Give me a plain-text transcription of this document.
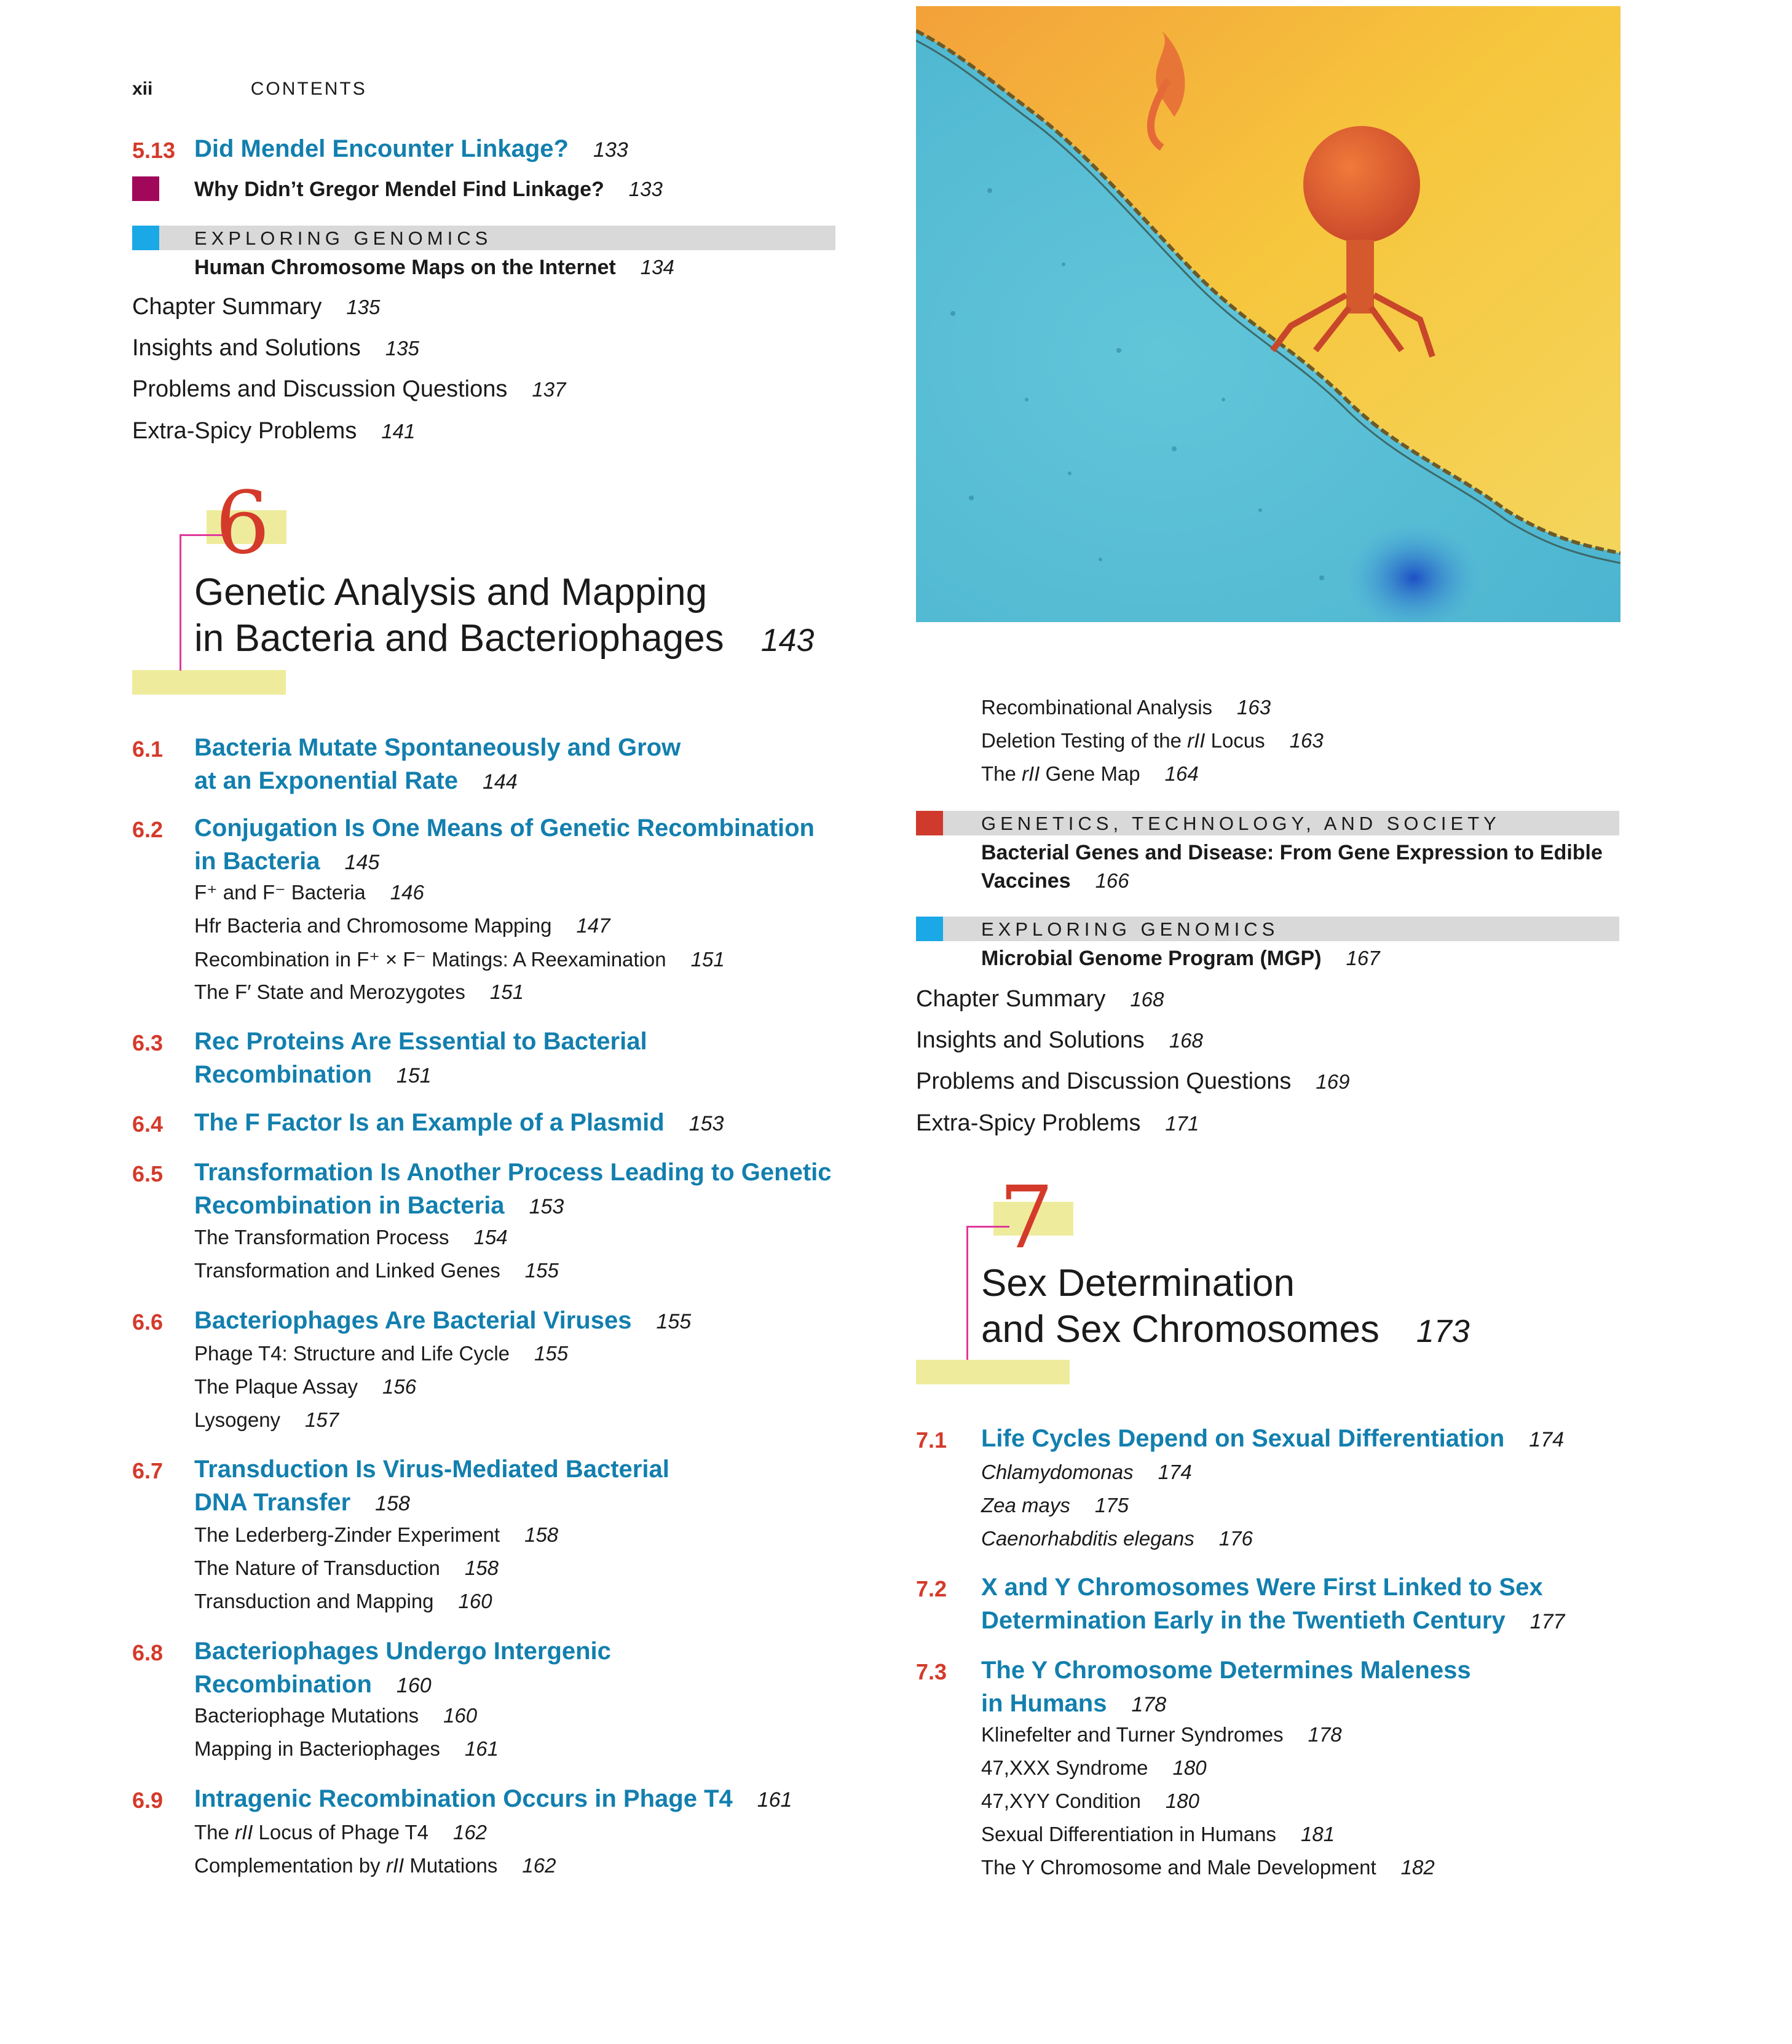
xii	CONTENTS
5.13 Did Mendel Encounter Linkage? 133
Why Didn’t Gregor Mendel Find Linkage? 133
EXPLORING GENOMICS
Human Chromosome Maps on the Internet 134
Chapter Summary 135
Insights and Solutions 135
Problems and Discussion Questions 137
Extra-Spicy Problems 141
6
Genetic Analysis and Mapping
in Bacteria and Bacteriophages 143
6.1 Bacteria Mutate Spontaneously and Grow
at an Exponential Rate 144
6.2 Conjugation Is One Means of Genetic Recombination
in Bacteria 145
F⁺ and F⁻ Bacteria 146
Hfr Bacteria and Chromosome Mapping 147
Recombination in F⁺ × F⁻ Matings: A Reexamination 151
The F′ State and Merozygotes 151
6.3 Rec Proteins Are Essential to Bacterial
Recombination 151
6.4 The F Factor Is an Example of a Plasmid 153
6.5 Transformation Is Another Process Leading to Genetic
Recombination in Bacteria 153
The Transformation Process 154
Transformation and Linked Genes 155
6.6 Bacteriophages Are Bacterial Viruses 155
Phage T4: Structure and Life Cycle 155
The Plaque Assay 156
Lysogeny 157
6.7 Transduction Is Virus-Mediated Bacterial
DNA Transfer 158
The Lederberg-Zinder Experiment 158
The Nature of Transduction 158
Transduction and Mapping 160
6.8 Bacteriophages Undergo Intergenic
Recombination 160
Bacteriophage Mutations 160
Mapping in Bacteriophages 161
6.9 Intragenic Recombination Occurs in Phage T4 161
The rII Locus of Phage T4 162
Complementation by rII Mutations 162
Recombinational Analysis 163
Deletion Testing of the rII Locus 163
The rII Gene Map 164
GENETICS, TECHNOLOGY, AND SOCIETY
Bacterial Genes and Disease: From Gene Expression to Edible
Vaccines 166
EXPLORING GENOMICS
Microbial Genome Program (MGP) 167
Chapter Summary 168
Insights and Solutions 168
Problems and Discussion Questions 169
Extra-Spicy Problems 171
7
Sex Determination
and Sex Chromosomes 173
7.1 Life Cycles Depend on Sexual Differentiation 174
Chlamydomonas 174
Zea mays 175
Caenorhabditis elegans 176
7.2 X and Y Chromosomes Were First Linked to Sex
Determination Early in the Twentieth Century 177
7.3 The Y Chromosome Determines Maleness
in Humans 178
Klinefelter and Turner Syndromes 178
47,XXX Syndrome 180
47,XYY Condition 180
Sexual Differentiation in Humans 181
The Y Chromosome and Male Development 182
